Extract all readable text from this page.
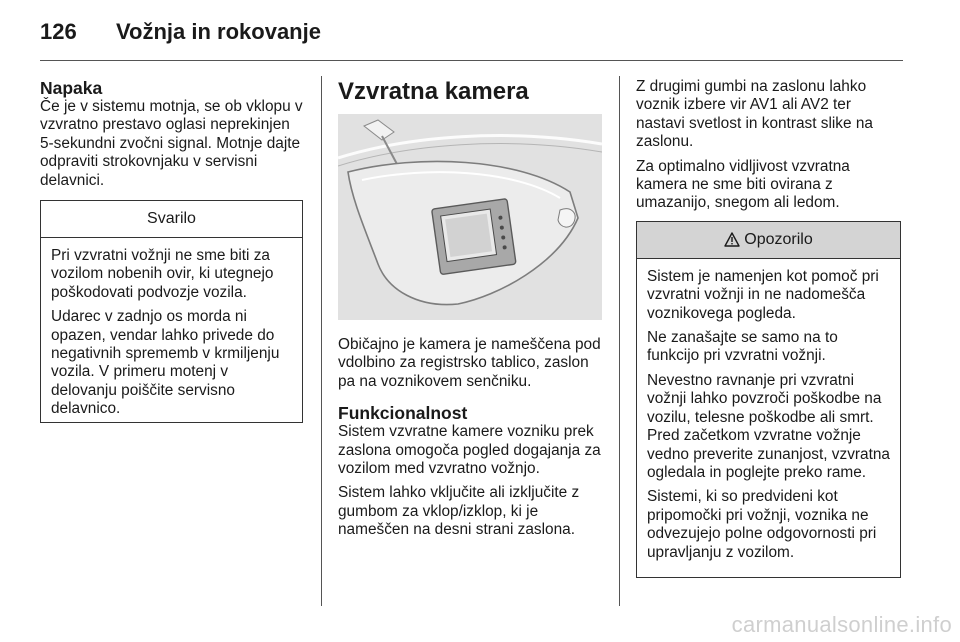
126	Vožnja in rokovanje
Napaka

Če je v sistemu motnja, se ob vklopu v vzvratno prestavo oglasi neprekinjen 5-sekundni zvočni signal. Motnje dajte odpraviti strokovnjaku v servisni delavnici.

Svarilo

Pri vzvratni vožnji ne sme biti za vozilom nobenih ovir, ki utegnejo poškodovati podvozje vozila.

Udarec v zadnjo os morda ni opazen, vendar lahko privede do negativnih sprememb v krmiljenju vozila. V primeru motenj v delovanju poiščite servisno delavnico.

Vzvratna kamera

Običajno je kamera je nameščena pod vdolbino za registrsko tablico, zaslon pa na voznikovem senčniku.

Funkcionalnost

Sistem vzvratne kamere vozniku prek zaslona omogoča pogled dogajanja za vozilom med vzvratno vožnjo.

Sistem lahko vključite ali izključite z gumbom za vklop/izklop, ki je nameščen na desni strani zaslona.

Z drugimi gumbi na zaslonu lahko voznik izbere vir AV1 ali AV2 ter nastavi svetlost in kontrast slike na zaslonu.

Za optimalno vidljivost vzvratna kamera ne sme biti ovirana z umazanijo, snegom ali ledom.

Opozorilo

Sistem je namenjen kot pomoč pri vzvratni vožnji in ne nadomešča voznikovega pogleda.

Ne zanašajte se samo na to funkcijo pri vzvratni vožnji.

Nevestno ravnanje pri vzvratni vožnji lahko povzroči poškodbe na vozilu, telesne poškodbe ali smrt. Pred začetkom vzvratne vožnje vedno preverite zunanjost, vzvratna ogledala in poglejte preko rame.

Sistemi, ki so predvideni kot pripomočki pri vožnji, voznika ne odvezujejo polne odgovornosti pri upravljanju z vozilom.

carmanualsonline.info
